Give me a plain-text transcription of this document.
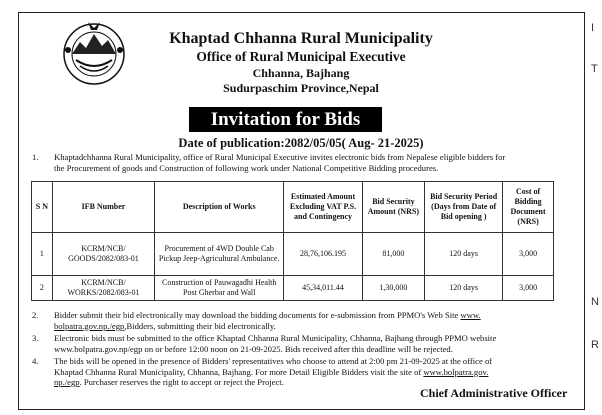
I
T
N
R
Khaptad Chhanna Rural Municipality
Office of Rural Municipal Executive
Chhanna, Bajhang
Sudurpaschim Province,Nepal
Invitation for Bids
Date of publication:2082/05/05( Aug- 21-2025)
1. Khaptadchhanna Rural Municipality, office of Rural Municipal Executive invites electronic bids from Nepalese eligible bidders for
the Procurement of goods and Construction of following work under National Competitive Bidding procedures.
S N	IFB Number	Description of Works	Estimated Amount Excluding VAT P.S. and Contingency	Bid Security Amount (NRS)	Bid Security Period (Days from Date of Bid opening )	Cost of Bidding Document (NRS)
1	KCRM/NCB/ GOODS/2082/083-01	Procurement of 4WD Double Cab Pickup Jeep-Agricultural Ambulance.	28,76,106.195	81,000	120 days	3,000
2	KCRM/NCB/ WORKS/2082/083-01	Construction of Pauwagadhi Health Post Gherbar and Wall	45,34,011.44	1,30,000	120 days	3,000
2. Bidder submit their bid electronically may download the bidding documents for e-submission from PPMO's Web Site www.
bolpatra.gov.np./egp,Bidders, submitting their bid electronically.
3. Electronic bids must be submitted to the office Khaptad Chhanna Rural Municipality, Chhanna, Bajhang through PPMO website
www.bolpatra.gov.np/egp on or before 12:00 noon on 21-09-2025. Bids received after this deadline will be rejected.
4. The bids will be opened in the presence of Bidders' representatives who choose to attend at 2:00 pm 21-09-2025 at the office of
Khaptad Chhanna Rural Municipality, Chhanna, Bajhang. For more Detail Eligible Bidders visit the site of www.bolpatra.gov.
np./egp. Purchaser reserves the right to accept or reject the Project.
Chief Administrative Officer
